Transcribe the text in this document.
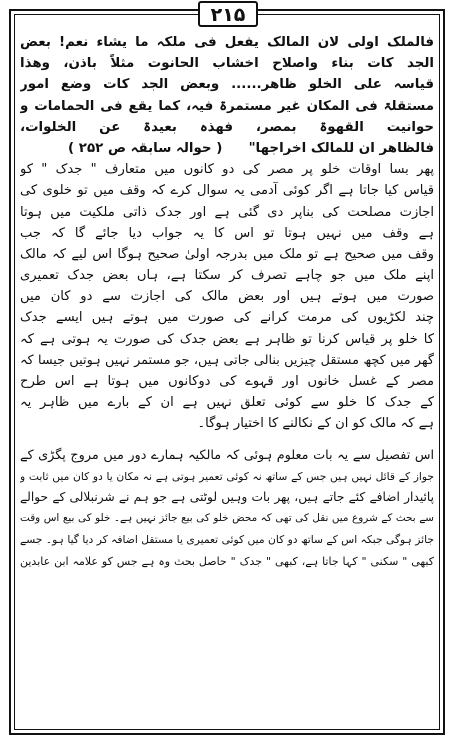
۲۱۵
فالملک اولی لان المالک یفعل فی ملکہ ما یشاء نعم! بعض
الجد کات بناء واصلاح اخشاب الحانوت مثلاً باذن، وھذا
قیاسہ علی الخلو ظاھر...... وبعض الجد کات وضع امور
مستقلۃ فی المکان غیر مستمرۃ فیہ، کما یقع فی الحمامات و
حوانیت القھوۃ بمصر، فھذہ بعیدۃ عن الخلوات،
فالظاھر ان للمالک اخراجھا" ( حوالہ سابقہ ص ۲۵۲ )
پھر بسا اوقات خلو پر مصر کی دو کانوں میں متعارف " جدک " کو
قیاس کیا جاتا ہے اگر کوئی آدمی یہ سوال کرے کہ وقف میں تو خلوی کی
اجازت مصلحت کی بناپر دی گئی ہے اور جدک ذاتی ملکیت میں ہوتا
ہے وقف میں نہیں ہوتا تو اس کا یہ جواب دیا جائے گا کہ جب
وقف میں صحیح ہے تو ملک میں بدرجہ اولیٰ صحیح ہوگا اس لیے کہ مالک
اپنے ملک میں جو چاہے تصرف کر سکتا ہے، ہاں بعض جدک تعمیری
صورت میں ہوتے ہیں اور بعض مالک کی اجازت سے دو کان میں
چند لکڑیوں کی مرمت کرانے کی صورت میں ہوتے ہیں ایسے جدک
کا خلو پر قیاس کرنا تو ظاہر ہے بعض جدک کی صورت یہ ہوتی ہے کہ
گھر میں کچھ مستقل چیزیں بنالی جاتی ہیں، جو مستمر نہیں ہوتیں جیسا کہ
مصر کے غسل خانوں اور قہوے کی دوکانوں میں ہوتا ہے اس طرح
کے جدک کا خلو سے کوئی تعلق نہیں ہے ان کے بارے میں ظاہر یہ
ہے کہ مالک کو ان کے نکالنے کا اختیار ہوگا۔
اس تفصیل سے یہ بات معلوم ہوئی کہ مالکیہ ہمارے دور میں مروج پگڑی کے
جواز کے قائل نہیں ہیں جس کے ساتھ نہ کوئی تعمیر ہوتی ہے نہ مکان یا دو کان میں ثابت و
پائیدار اضافے کئے جاتے ہیں، پھر بات وہیں لوٹتی ہے جو ہم نے شرنبلالی کے حوالے
سے بحث کے شروع میں نقل کی تھی کہ محض خلو کی بیع جائز نہیں ہے۔ خلو کی بیع اس وقت
جائز ہوگی جبکہ اس کے ساتھ دو کان میں کوئی تعمیری یا مستقل اضافہ کر دیا گیا ہو۔ جسے
کبھی " سکنی " کہا جاتا ہے، کبھی " جدک " حاصل بحث وہ ہے جس کو علامہ ابن عابدین
